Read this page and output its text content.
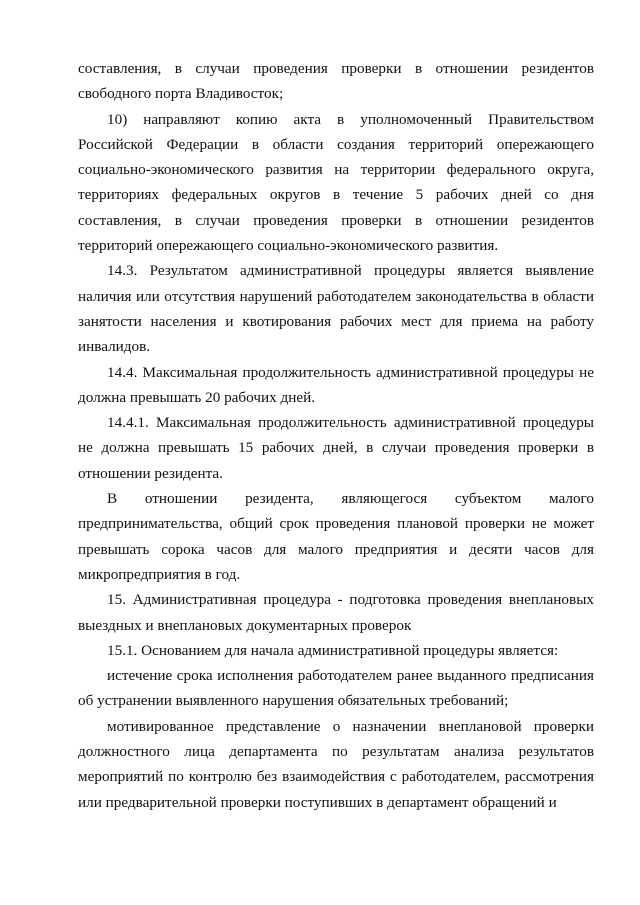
составления, в случаи проведения проверки в отношении резидентов свободного порта Владивосток;

10) направляют копию акта в уполномоченный Правительством Российской Федерации в области создания территорий опережающего социально-экономического развития на территории федерального округа, территориях федеральных округов в течение 5 рабочих дней со дня составления, в случаи проведения проверки в отношении резидентов территорий опережающего социально-экономического развития.

14.3. Результатом административной процедуры является выявление наличия или отсутствия нарушений работодателем законодательства в области занятости населения и квотирования рабочих мест для приема на работу инвалидов.

14.4. Максимальная продолжительность административной процедуры не должна превышать 20 рабочих дней.

14.4.1. Максимальная продолжительность административной процедуры не должна превышать 15 рабочих дней, в случаи проведения проверки в отношении резидента.

В отношении резидента, являющегося субъектом малого предпринимательства, общий срок проведения плановой проверки не может превышать сорока часов для малого предприятия и десяти часов для микропредприятия в год.

15. Административная процедура - подготовка проведения внеплановых выездных и внеплановых документарных проверок

15.1. Основанием для начала административной процедуры является:

истечение срока исполнения работодателем ранее выданного предписания об устранении выявленного нарушения обязательных требований;

мотивированное представление о назначении внеплановой проверки должностного лица департамента по результатам анализа результатов мероприятий по контролю без взаимодействия с работодателем, рассмотрения или предварительной проверки поступивших в департамент обращений и
